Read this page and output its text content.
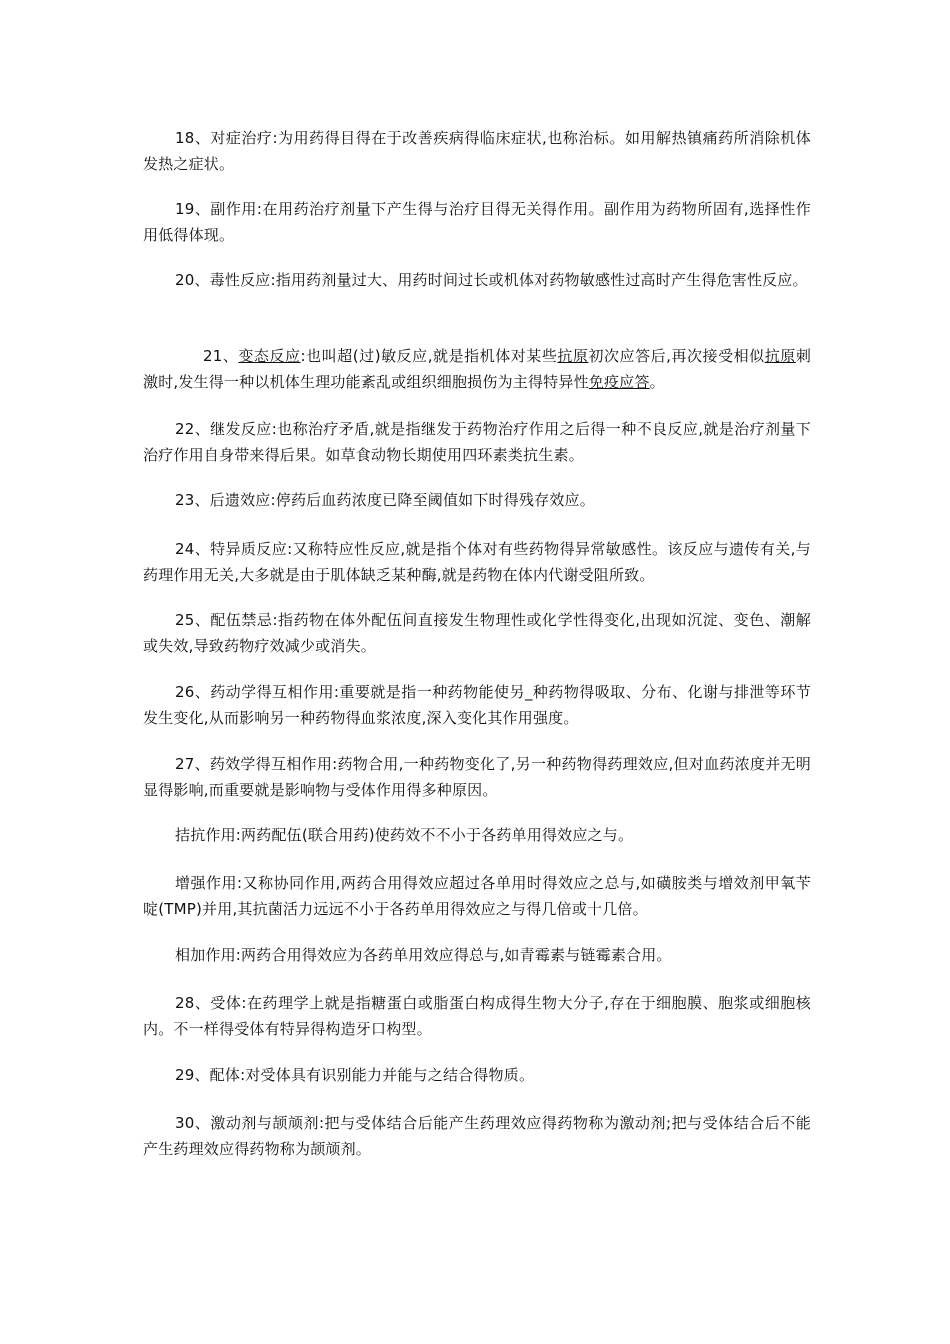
18、对症治疗:为用药得目得在于改善疾病得临床症状,也称治标。如用解热镇痛药所消除机体发热之症状。

19、副作用:在用药治疗剂量下产生得与治疗目得无关得作用。副作用为药物所固有,选择性作用低得体现。

20、毒性反应:指用药剂量过大、用药时间过长或机体对药物敏感性过高时产生得危害性反应。

21、变态反应:也叫超(过)敏反应,就是指机体对某些抗原初次应答后,再次接受相似抗原刺激时,发生得一种以机体生理功能紊乱或组织细胞损伤为主得特异性免疫应答。

22、继发反应:也称治疗矛盾,就是指继发于药物治疗作用之后得一种不良反应,就是治疗剂量下治疗作用自身带来得后果。如草食动物长期使用四环素类抗生素。

23、后遗效应:停药后血药浓度已降至阈值如下时得残存效应。

24、特异质反应:又称特应性反应,就是指个体对有些药物得异常敏感性。该反应与遗传有关,与药理作用无关,大多就是由于肌体缺乏某种酶,就是药物在体内代谢受阻所致。

25、配伍禁忌:指药物在体外配伍间直接发生物理性或化学性得变化,出现如沉淀、变色、潮解或失效,导致药物疗效减少或消失。

26、药动学得互相作用:重要就是指一种药物能使另_种药物得吸取、分布、化谢与排泄等环节发生变化,从而影响另一种药物得血浆浓度,深入变化其作用强度。

27、药效学得互相作用:药物合用,一种药物变化了,另一种药物得药理效应,但对血药浓度并无明显得影响,而重要就是影响物与受体作用得多种原因。

拮抗作用:两药配伍(联合用药)使药效不不小于各药单用得效应之与。

增强作用:又称协同作用,两药合用得效应超过各单用时得效应之总与,如磺胺类与增效剂甲氧苄啶(TMP)并用,其抗菌活力远远不小于各药单用得效应之与得几倍或十几倍。

相加作用:两药合用得效应为各药单用效应得总与,如青霉素与链霉素合用。

28、受体:在药理学上就是指糖蛋白或脂蛋白构成得生物大分子,存在于细胞膜、胞浆或细胞核内。不一样得受体有特异得构造牙口构型。

29、配体:对受体具有识别能力并能与之结合得物质。

30、激动剂与颉颃剂:把与受体结合后能产生药理效应得药物称为激动剂;把与受体结合后不能产生药理效应得药物称为颉颃剂。
